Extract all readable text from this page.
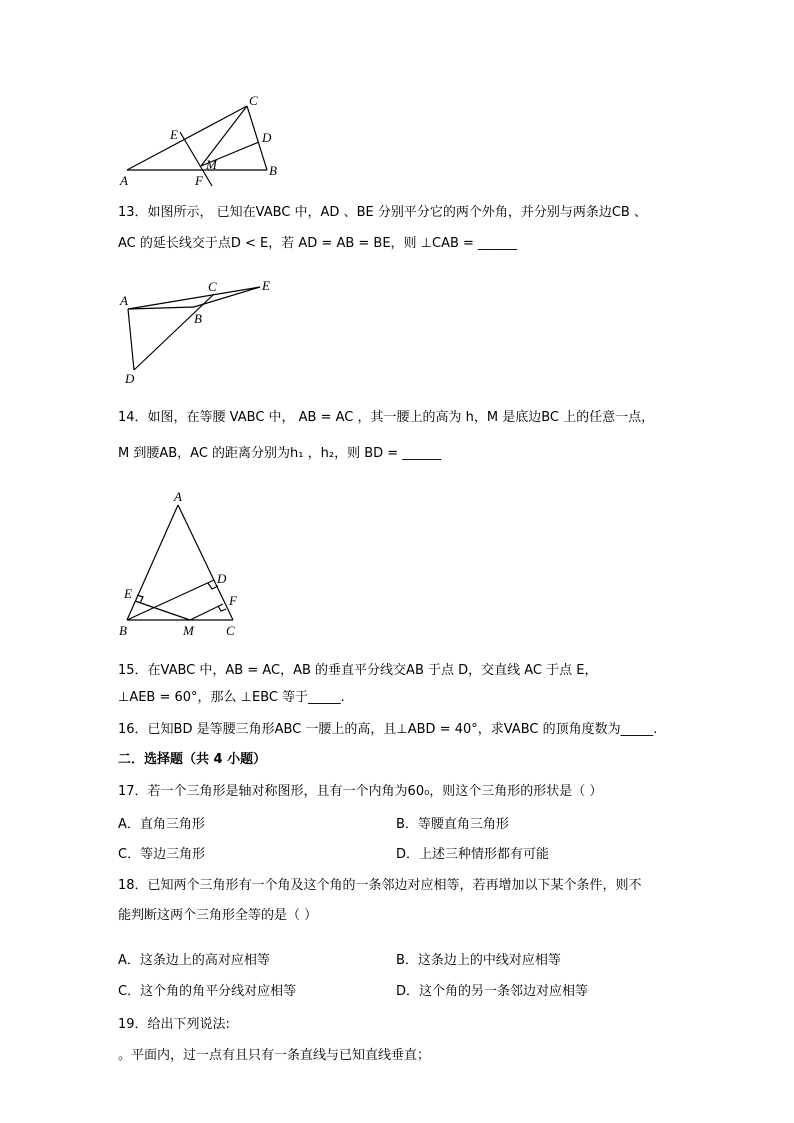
C
E	D
M
A	F
B
13．如图所示， 已知在VABC 中，AD 、BE 分别平分它的两个外角，并分别与两条边CB 、
AC 的延长线交于点D < E，若 AD = AB = BE，则 ⊥CAB = ______
A
C	E
B
D
14．如图，在等腰 VABC 中， AB = AC ，其一腰上的高为 h，M 是底边BC 上的任意一点，
M 到腰AB，AC 的距离分别为h₁ ，h₂，则 BD = ______
A
D
E	F
B	M C
15．在VABC 中，AB = AC，AB 的垂直平分线交AB 于点 D，交直线 AC 于点 E，
⊥AEB = 60°，那么 ⊥EBC 等于_____.
16．已知BD 是等腰三角形ABC 一腰上的高，且⊥ABD = 40°，求VABC 的顶角度数为_____.
二．选择题（共 4 小题）
17．若一个三角形是轴对称图形，且有一个内角为60₀，则这个三角形的形状是（ ）
A．直角三角形	B．等腰直角三角形
C．等边三角形	D．上述三种情形都有可能
18．已知两个三角形有一个角及这个角的一条邻边对应相等，若再增加以下某个条件，则不
能判断这两个三角形全等的是（ ）
A．这条边上的高对应相等	B．这条边上的中线对应相等
C．这个角的角平分线对应相等	D．这个角的另一条邻边对应相等
19．给出下列说法:
。平面内，过一点有且只有一条直线与已知直线垂直；
